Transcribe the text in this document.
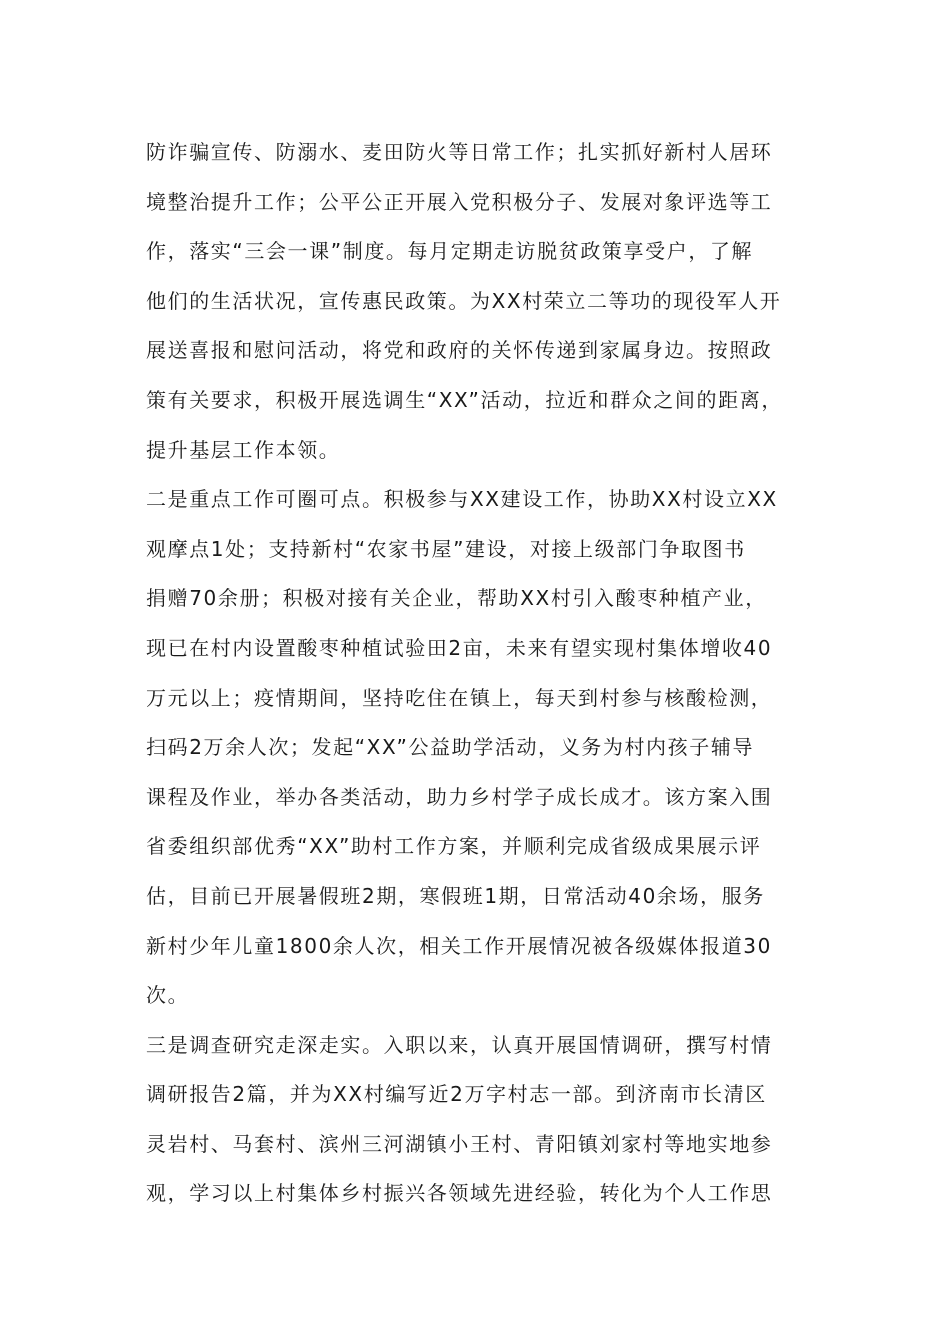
防诈骗宣传、防溺水、麦田防火等日常工作；扎实抓好新村人居环
境整治提升工作；公平公正开展入党积极分子、发展对象评选等工
作，落实“三会一课”制度。每月定期走访脱贫政策享受户，了解
他们的生活状况，宣传惠民政策。为XX村荣立二等功的现役军人开
展送喜报和慰问活动，将党和政府的关怀传递到家属身边。按照政
策有关要求，积极开展选调生“XX”活动，拉近和群众之间的距离，
提升基层工作本领。
二是重点工作可圈可点。积极参与XX建设工作，协助XX村设立XX
观摩点1处；支持新村“农家书屋”建设，对接上级部门争取图书
捐赠70余册；积极对接有关企业，帮助XX村引入酸枣种植产业，
现已在村内设置酸枣种植试验田2亩，未来有望实现村集体增收40
万元以上；疫情期间，坚持吃住在镇上，每天到村参与核酸检测，
扫码2万余人次；发起“XX”公益助学活动，义务为村内孩子辅导
课程及作业，举办各类活动，助力乡村学子成长成才。该方案入围
省委组织部优秀“XX”助村工作方案，并顺利完成省级成果展示评
估，目前已开展暑假班2期，寒假班1期，日常活动40余场，服务
新村少年儿童1800余人次，相关工作开展情况被各级媒体报道30
次。
三是调查研究走深走实。入职以来，认真开展国情调研，撰写村情
调研报告2篇，并为XX村编写近2万字村志一部。到济南市长清区
灵岩村、马套村、滨州三河湖镇小王村、青阳镇刘家村等地实地参
观，学习以上村集体乡村振兴各领域先进经验，转化为个人工作思
